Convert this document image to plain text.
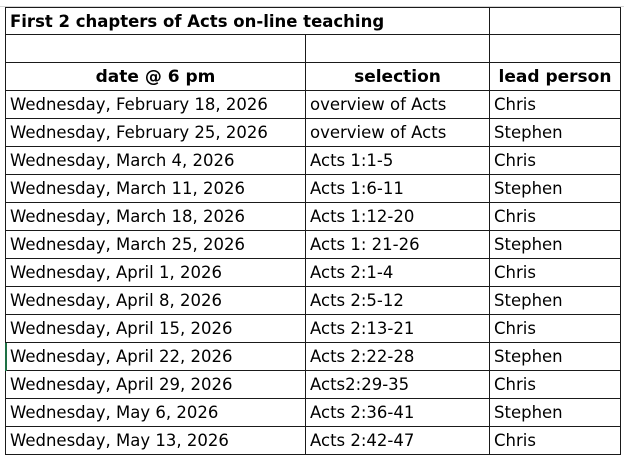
First 2 chapters of Acts on-line teaching
date @ 6 pm	selection	lead person
Wednesday, February 18, 2026	overview of Acts	Chris
Wednesday, February 25, 2026	overview of Acts	Stephen
Wednesday, March 4, 2026	Acts 1:1-5	Chris
Wednesday, March 11, 2026	Acts 1:6-11	Stephen
Wednesday, March 18, 2026	Acts 1:12-20	Chris
Wednesday, March 25, 2026	Acts 1: 21-26	Stephen
Wednesday, April 1, 2026	Acts 2:1-4	Chris
Wednesday, April 8, 2026	Acts 2:5-12	Stephen
Wednesday, April 15, 2026	Acts 2:13-21	Chris
Wednesday, April 22, 2026	Acts 2:22-28	Stephen
Wednesday, April 29, 2026	Acts2:29-35	Chris
Wednesday, May 6, 2026	Acts 2:36-41	Stephen
Wednesday, May 13, 2026	Acts 2:42-47	Chris
